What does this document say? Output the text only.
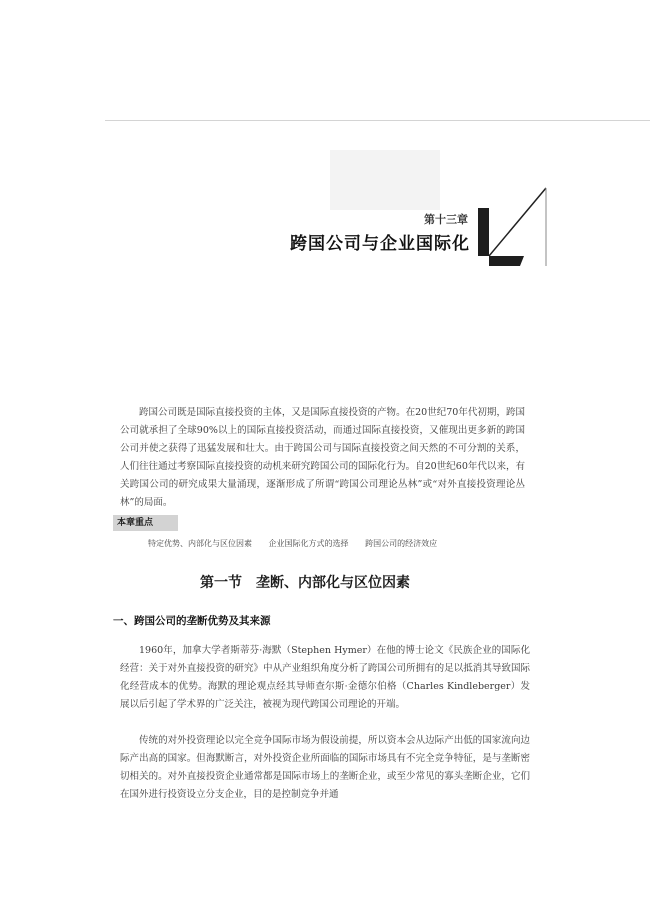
第十三章
跨国公司与企业国际化

跨国公司既是国际直接投资的主体，又是国际直接投资的产物。在20世纪70年代初期，跨国公司就承担了全球90%以上的国际直接投资活动，而通过国际直接投资，又催现出更多新的跨国公司并使之获得了迅猛发展和壮大。由于跨国公司与国际直接投资之间天然的不可分割的关系，人们往往通过考察国际直接投资的动机来研究跨国公司的国际化行为。自20世纪60年代以来，有关跨国公司的研究成果大量涌现，逐渐形成了所谓“跨国公司理论丛林”或“对外直接投资理论丛林”的局面。

本章重点
特定优势、内部化与区位因素 企业国际化方式的选择 跨国公司的经济效应
第一节　垄断、内部化与区位因素
一、跨国公司的垄断优势及其来源

1960年，加拿大学者斯蒂芬·海默（Stephen Hymer）在他的博士论文《民族企业的国际化经营：关于对外直接投资的研究》中从产业组织角度分析了跨国公司所拥有的足以抵消其导致国际化经营成本的优势。海默的理论观点经其导师查尔斯·金德尔伯格（Charles Kindleberger）发展以后引起了学术界的广泛关注，被视为现代跨国公司理论的开端。

传统的对外投资理论以完全竞争国际市场为假设前提，所以资本会从边际产出低的国家流向边际产出高的国家。但海默断言，对外投资企业所面临的国际市场具有不完全竞争特征，是与垄断密切相关的。对外直接投资企业通常都是国际市场上的垄断企业，或至少常见的寡头垄断企业，它们在国外进行投资设立分支企业，目的是控制竞争并通
